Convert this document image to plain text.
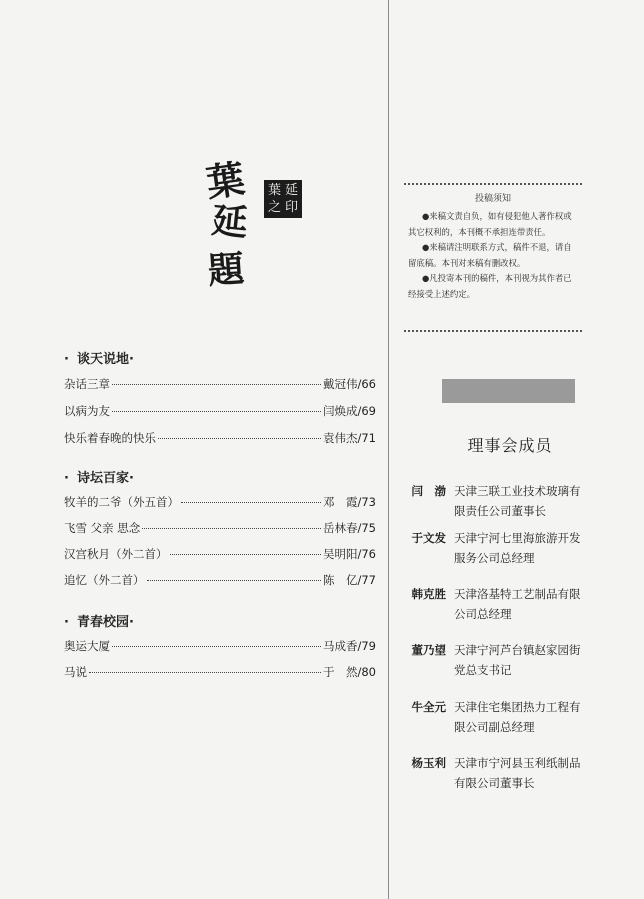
葉
延
題
葉 延
之 印
· 谈天说地·
杂话三章	戴冠伟 /66
以病为友	闫焕成 /69
快乐着春晚的快乐	袁伟杰 /71
· 诗坛百家·
牧羊的二爷（外五首）	邓　霞 /73
飞雪 父亲 思念	岳林春 /75
汉宫秋月（外二首）	吴明阳 /76
追忆（外二首）	陈　亿 /77
· 青春校园·
奥运大厦	马成香 /79
马说	于　然 /80
投稿须知

●来稿文责自负，如有侵犯他人著作权或其它权利的，本刊概不承担连带责任。

●来稿请注明联系方式，稿件不退，请自留底稿。本刊对来稿有删改权。

●凡投寄本刊的稿件，本刊视为其作者已经接受上述约定。

理事会成员
闫　渤 天津三联工业技术玻璃有限责任公司董事长
于文发 天津宁河七里海旅游开发服务公司总经理
韩克胜 天津洛基特工艺制品有限公司总经理
董乃望 天津宁河芦台镇赵家园街党总支书记
牛全元 天津住宅集团热力工程有限公司副总经理
杨玉利 天津市宁河县玉利纸制品有限公司董事长
